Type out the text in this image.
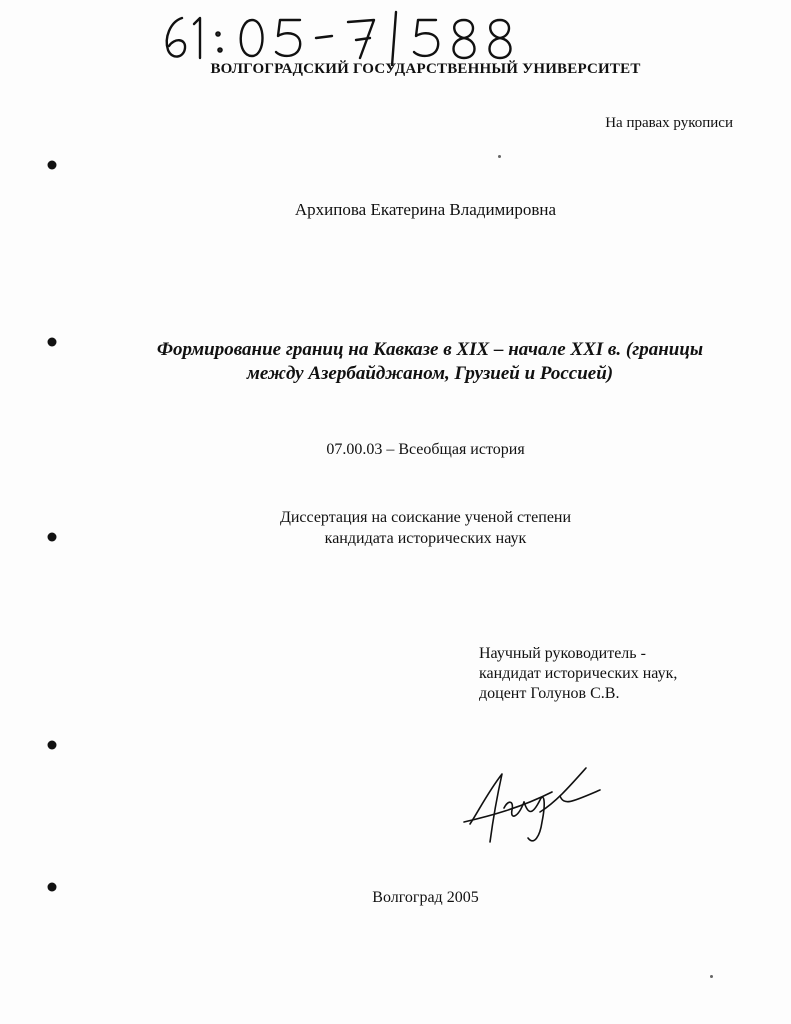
ВОЛГОГРАДСКИЙ ГОСУДАРСТВЕННЫЙ УНИВЕРСИТЕТ
На правах рукописи
Архипова Екатерина Владимировна
Формирование границ на Кавказе в XIX – начале XXI в. (границы
между Азербайджаном, Грузией и Россией)
07.00.03 – Всеобщая история
Диссертация на соискание ученой степени
кандидата исторических наук
Научный руководитель -
кандидат исторических наук,
доцент Голунов С.В.
Волгоград 2005
